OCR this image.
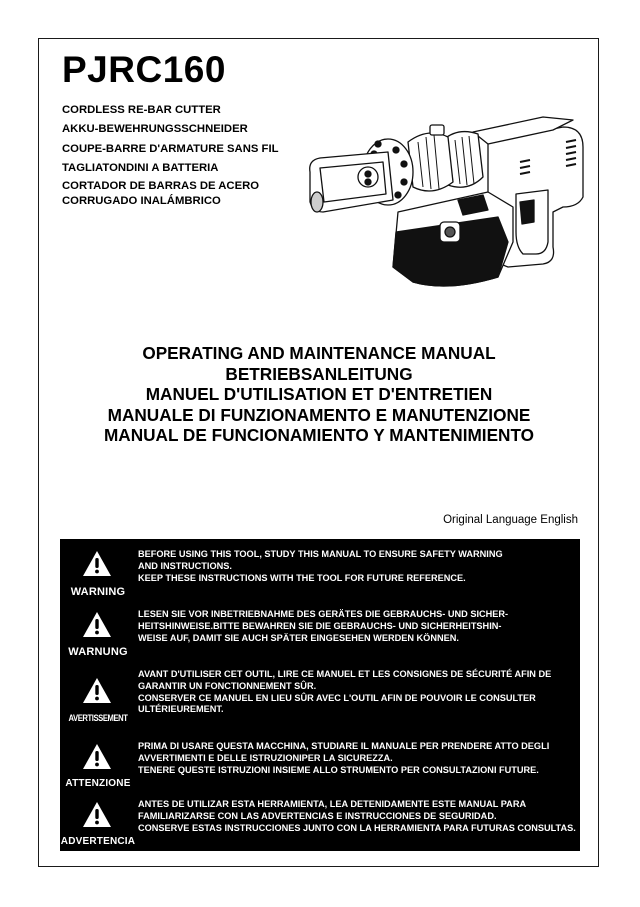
PJRC160
CORDLESS RE-BAR CUTTER
AKKU-BEWEHRUNGSSCHNEIDER
COUPE-BARRE D'ARMATURE SANS FIL
TAGLIATONDINI A BATTERIA
CORTADOR DE BARRAS DE ACERO
CORRUGADO INALÁMBRICO
OPERATING AND MAINTENANCE MANUAL
BETRIEBSANLEITUNG
MANUEL D'UTILISATION ET D'ENTRETIEN
MANUALE DI FUNZIONAMENTO E MANUTENZIONE
MANUAL DE FUNCIONAMIENTO Y MANTENIMIENTO
Original Language English
WARNING
BEFORE USING THIS TOOL, STUDY THIS MANUAL TO ENSURE SAFETY WARNING
AND INSTRUCTIONS.
KEEP THESE INSTRUCTIONS WITH THE TOOL FOR FUTURE REFERENCE.
WARNUNG
LESEN SIE VOR INBETRIEBNAHME DES GERÄTES DIE GEBRAUCHS- UND SICHER-
HEITSHINWEISE.BITTE BEWAHREN SIE DIE GEBRAUCHS- UND SICHERHEITSHIN-
WEISE AUF, DAMIT SIE AUCH SPÄTER EINGESEHEN WERDEN KÖNNEN.
AVERTISSEMENT
AVANT D'UTILISER CET OUTIL, LIRE CE MANUEL ET LES CONSIGNES DE SÉCURITÉ AFIN DE
GARANTIR UN FONCTIONNEMENT SÛR.
CONSERVER CE MANUEL EN LIEU SÛR AVEC L'OUTIL AFIN DE POUVOIR LE CONSULTER
ULTÉRIEUREMENT.
ATTENZIONE
PRIMA DI USARE QUESTA MACCHINA, STUDIARE IL MANUALE PER PRENDERE ATTO DEGLI
AVVERTIMENTI E DELLE ISTRUZIONIPER LA SICUREZZA.
TENERE QUESTE ISTRUZIONI INSIEME ALLO STRUMENTO PER CONSULTAZIONI FUTURE.
ADVERTENCIA
ANTES DE UTILIZAR ESTA HERRAMIENTA, LEA DETENIDAMENTE ESTE MANUAL PARA
FAMILIARIZARSE CON LAS ADVERTENCIAS E INSTRUCCIONES DE SEGURIDAD.
CONSERVE ESTAS INSTRUCCIONES JUNTO CON LA HERRAMIENTA PARA FUTURAS CONSULTAS.
